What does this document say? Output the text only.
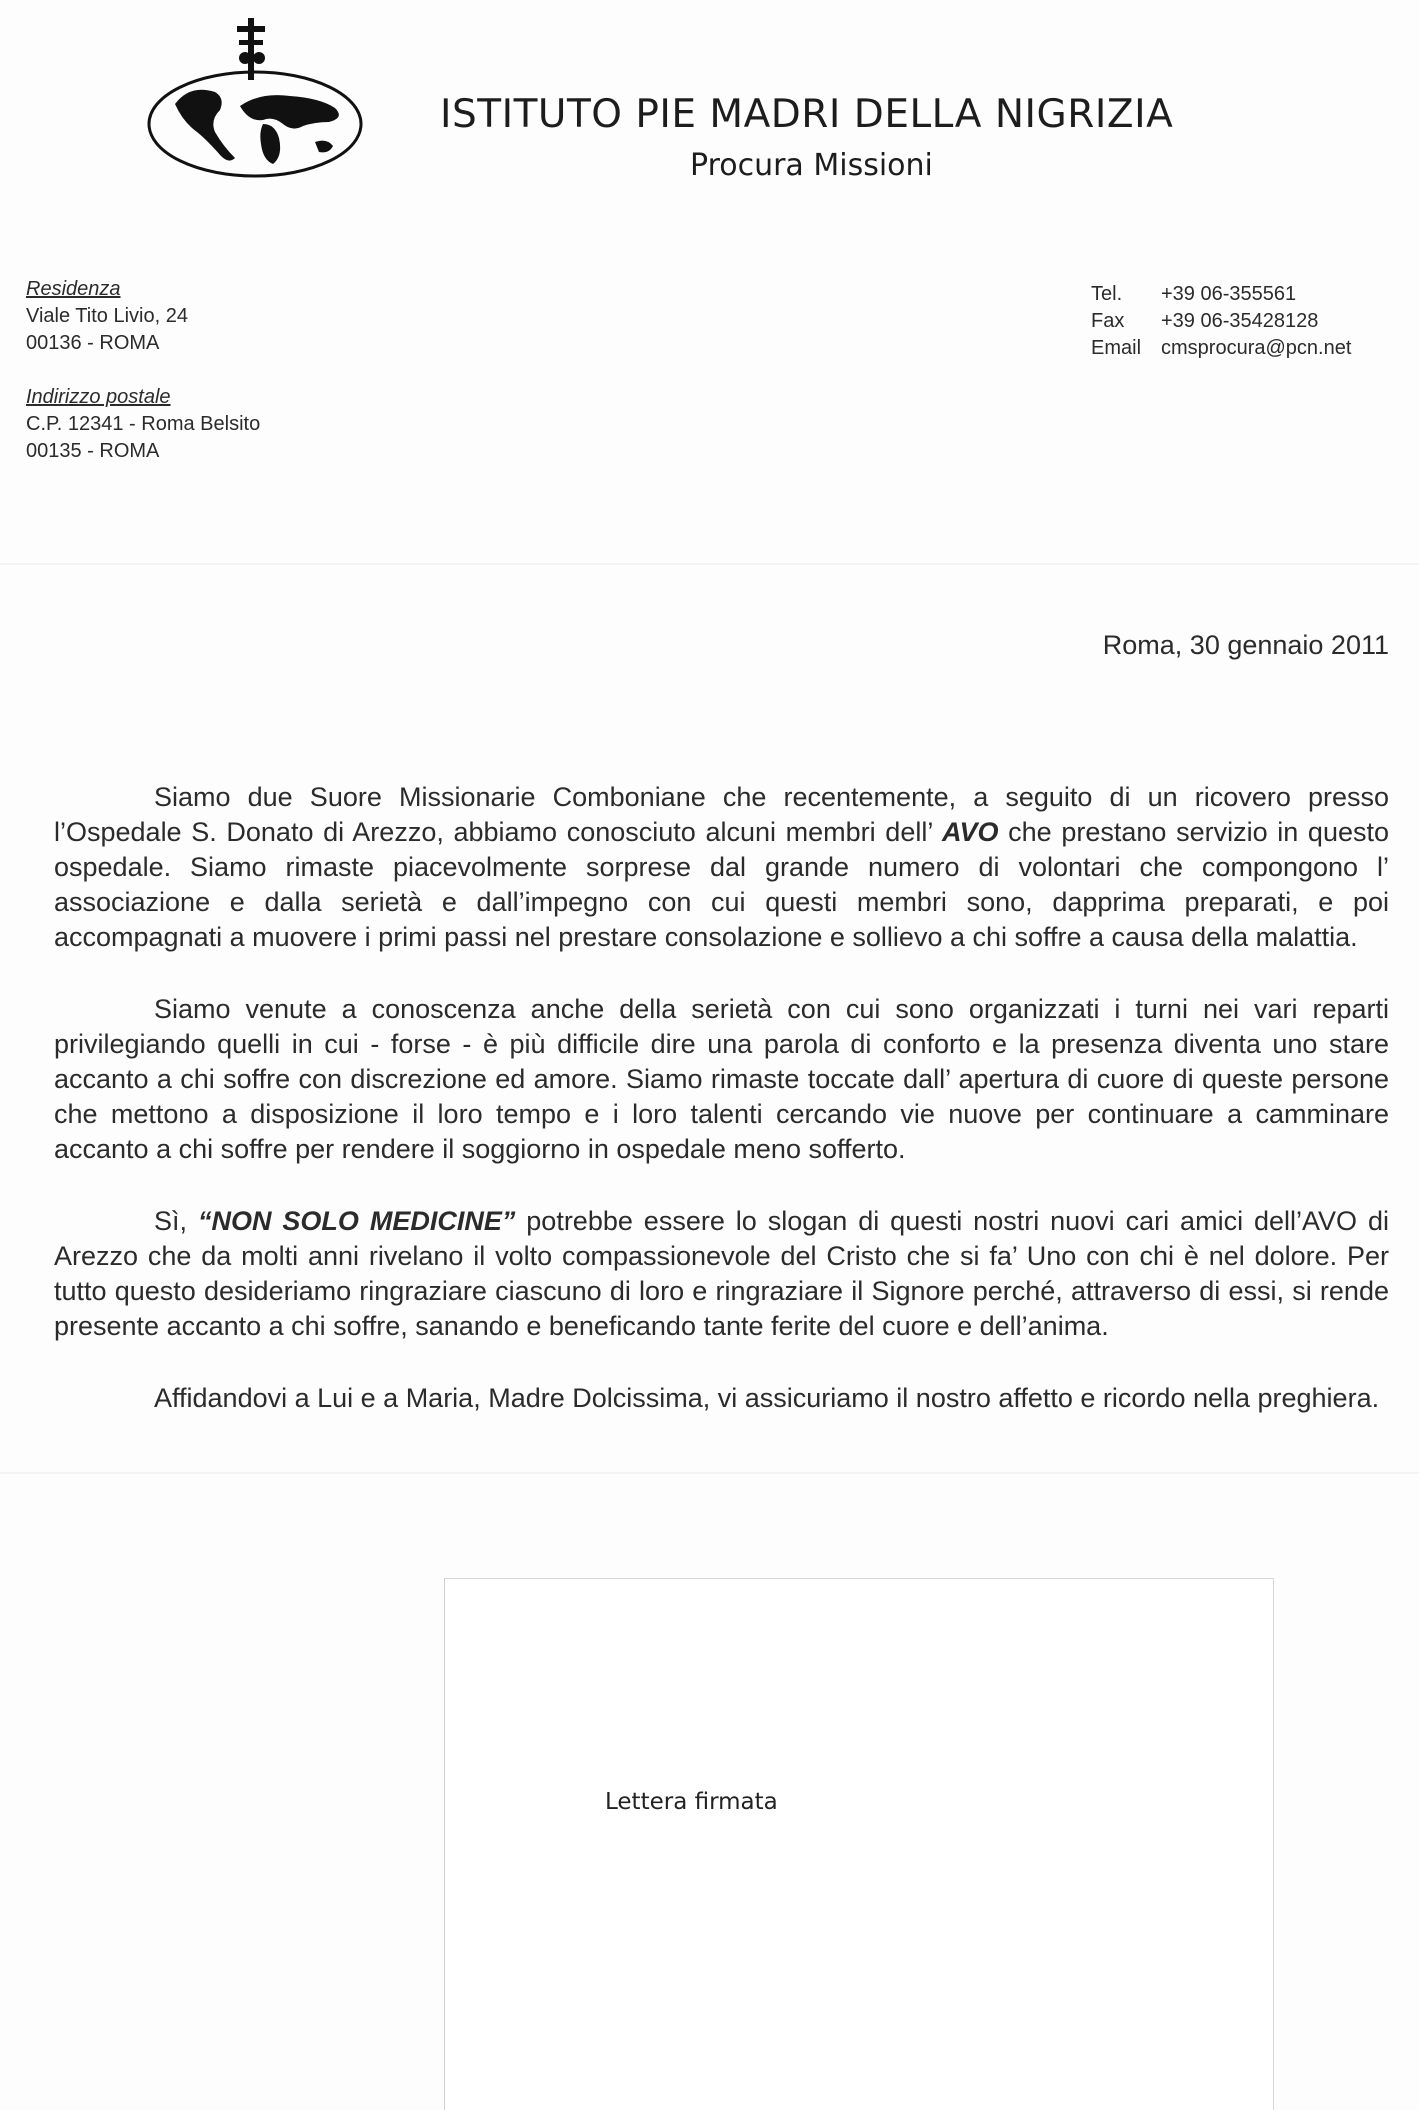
ISTITUTO PIE MADRI DELLA NIGRIZIA
Procura Missioni
Residenza
Viale Tito Livio, 24
00136 - ROMA
Indirizzo postale
C.P. 12341 - Roma Belsito
00135 - ROMA
Tel.	+39 06-355561
Fax	+39 06-35428128
Email cmsprocura@pcn.net
Roma, 30 gennaio 2011

Siamo due Suore Missionarie Comboniane che recentemente, a seguito di un ricovero presso l’Ospedale S. Donato di Arezzo, abbiamo conosciuto alcuni membri dell’ AVO che prestano servizio in questo ospedale. Siamo rimaste piacevolmente sorprese dal grande numero di volontari che compongono l’ associazione e dalla serietà e dall’impegno con cui questi membri sono, dapprima preparati, e poi accompagnati a muovere i primi passi nel prestare consolazione e sollievo a chi soffre a causa della malattia.

Siamo venute a conoscenza anche della serietà con cui sono organizzati i turni nei vari reparti privilegiando quelli in cui - forse - è più difficile dire una parola di conforto e la presenza diventa uno stare accanto a chi soffre con discrezione ed amore. Siamo rimaste toccate dall’ apertura di cuore di queste persone che mettono a disposizione il loro tempo e i loro talenti cercando vie nuove per continuare a camminare accanto a chi soffre per rendere il soggiorno in ospedale meno sofferto.

Sì, “NON SOLO MEDICINE” potrebbe essere lo slogan di questi nostri nuovi cari amici dell’AVO di Arezzo che da molti anni rivelano il volto compassionevole del Cristo che si fa’ Uno con chi è nel dolore. Per tutto questo desideriamo ringraziare ciascuno di loro e ringraziare il Signore perché, attraverso di essi, si rende presente accanto a chi soffre, sanando e beneficando tante ferite del cuore e dell’anima.

Affidandovi a Lui e a Maria, Madre Dolcissima, vi assicuriamo il nostro affetto e ricordo nella preghiera.

Lettera firmata
